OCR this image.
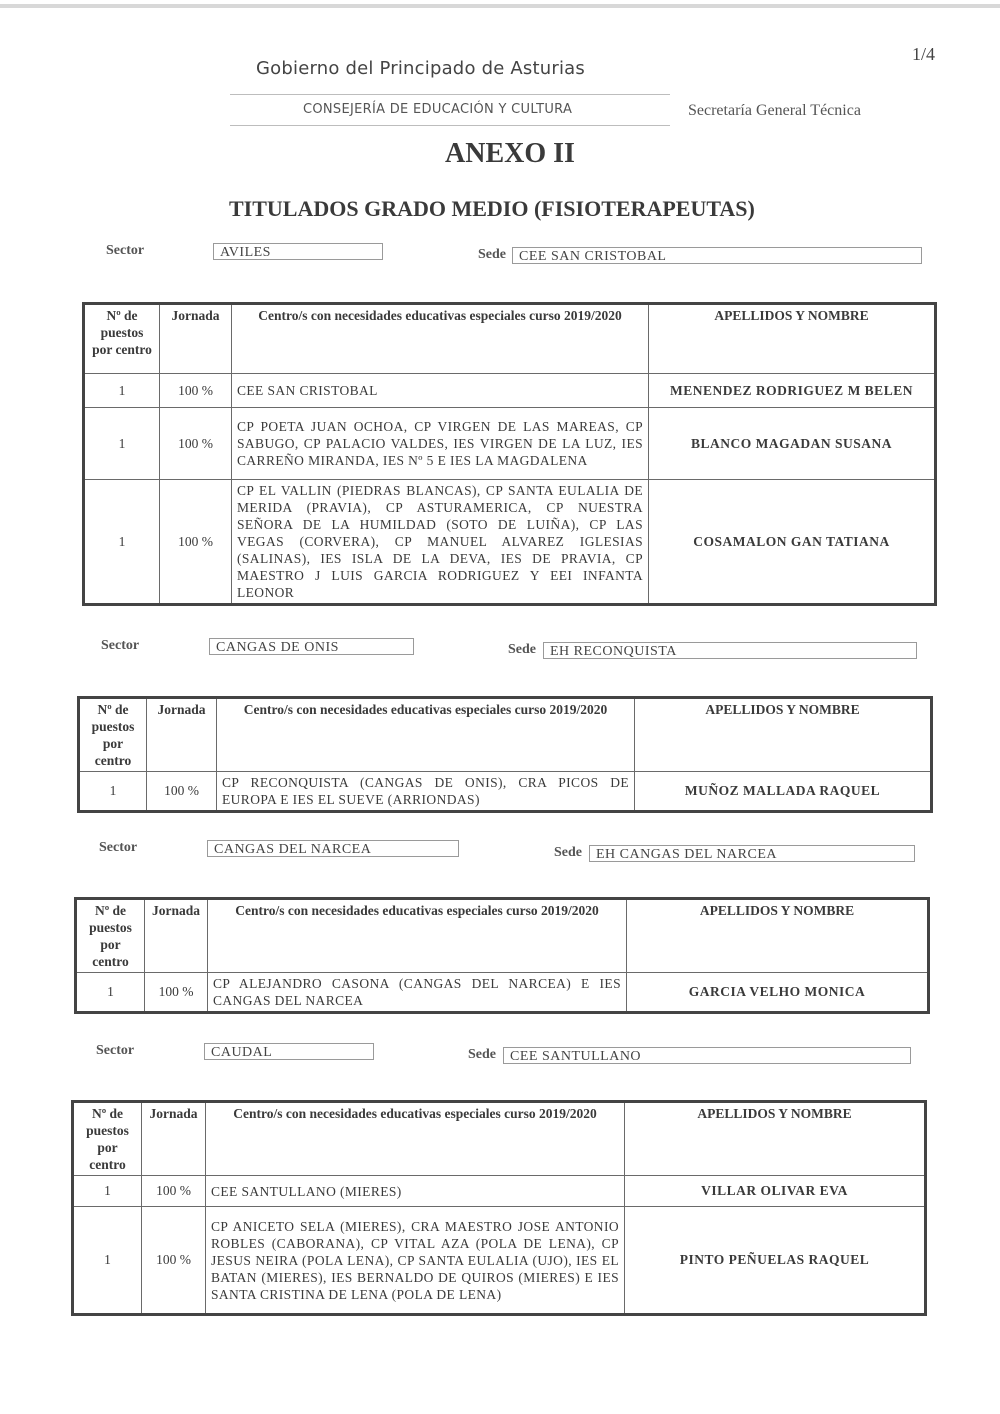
1/4
Gobierno del Principado de Asturias
CONSEJERÍA DE EDUCACIÓN Y CULTURA	Secretaría General Técnica
ANEXO II
TITULADOS GRADO MEDIO (FISIOTERAPEUTAS)
Sector	AVILES	Sede CEE SAN CRISTOBAL
Nº de puestos por centro	Jornada	Centro/s con necesidades educativas especiales curso 2019/2020	APELLIDOS Y NOMBRE
1	100 %	CEE SAN CRISTOBAL	MENENDEZ RODRIGUEZ M BELEN
1	100 %	CP POETA JUAN OCHOA, CP VIRGEN DE LAS MAREAS, CP SABUGO, CP PALACIO VALDES, IES VIRGEN DE LA LUZ, IES CARREÑO MIRANDA, IES Nº 5 E IES LA MAGDALENA	BLANCO MAGADAN SUSANA
1	100 %	CP EL VALLIN (PIEDRAS BLANCAS), CP SANTA EULALIA DE MERIDA (PRAVIA), CP ASTURAMERICA, CP NUESTRA SEÑORA DE LA HUMILDAD (SOTO DE LUIÑA), CP LAS VEGAS (CORVERA), CP MANUEL ALVAREZ IGLESIAS (SALINAS), IES ISLA DE LA DEVA, IES DE PRAVIA, CP MAESTRO J LUIS GARCIA RODRIGUEZ Y EEI INFANTA LEONOR	COSAMALON GAN TATIANA
Sector	CANGAS DE ONIS	Sede	EH RECONQUISTA
Nº de puestos por centro	Jornada	Centro/s con necesidades educativas especiales curso 2019/2020	APELLIDOS Y NOMBRE
1	100 %	CP RECONQUISTA (CANGAS DE ONIS), CRA PICOS DE EUROPA E IES EL SUEVE (ARRIONDAS)	MUÑOZ MALLADA RAQUEL
Sector	CANGAS DEL NARCEA	Sede	EH CANGAS DEL NARCEA
Nº de puestos por centro	Jornada	Centro/s con necesidades educativas especiales curso 2019/2020	APELLIDOS Y NOMBRE
1	100 %	CP ALEJANDRO CASONA (CANGAS DEL NARCEA) E IES CANGAS DEL NARCEA	GARCIA VELHO MONICA
Sector	CAUDAL	Sede	CEE SANTULLANO
Nº de puestos por centro	Jornada	Centro/s con necesidades educativas especiales curso 2019/2020	APELLIDOS Y NOMBRE
1	100 %	CEE SANTULLANO (MIERES)	VILLAR OLIVAR EVA
1	100 %	CP ANICETO SELA (MIERES), CRA MAESTRO JOSE ANTONIO ROBLES (CABORANA), CP VITAL AZA (POLA DE LENA), CP JESUS NEIRA (POLA LENA), CP SANTA EULALIA (UJO), IES EL BATAN (MIERES), IES BERNALDO DE QUIROS (MIERES) E IES SANTA CRISTINA DE LENA (POLA DE LENA)	PINTO PEÑUELAS RAQUEL
